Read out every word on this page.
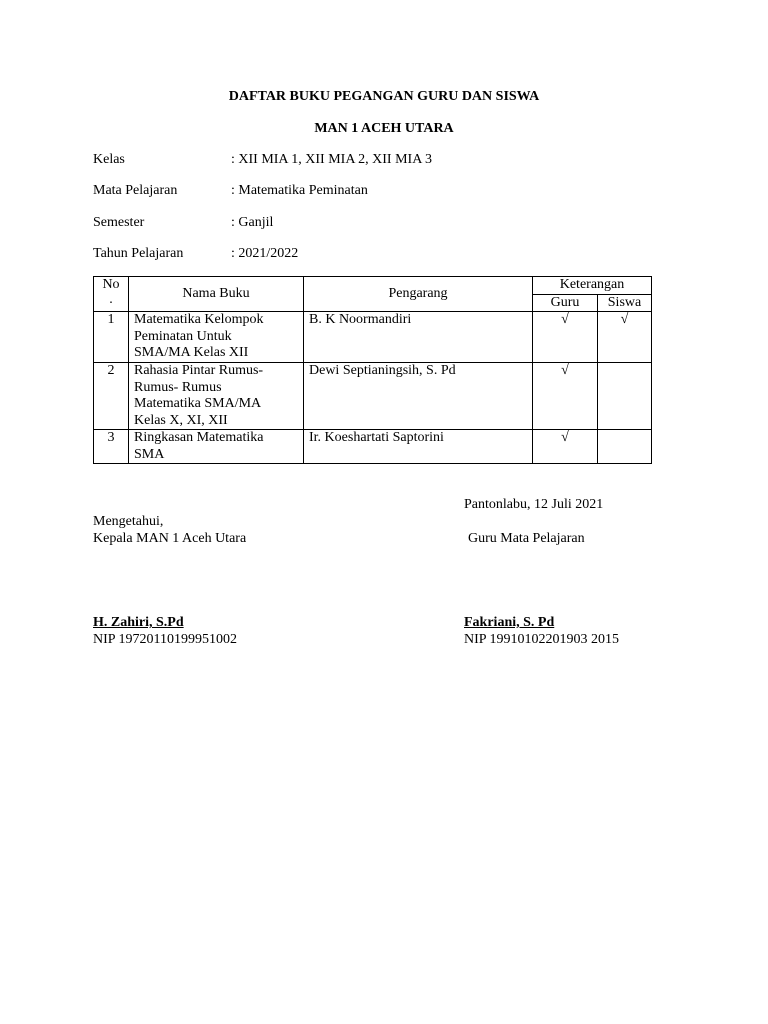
DAFTAR BUKU PEGANGAN GURU DAN SISWA
MAN 1 ACEH UTARA
Kelas	: XII MIA 1, XII MIA 2, XII MIA 3
Mata Pelajaran	: Matematika Peminatan
Semester	: Ganjil
Tahun Pelajaran	: 2021/2022
No
.	Nama Buku	Pengarang	Keterangan	
			Guru	Siswa
1	Matematika Kelompok
Peminatan Untuk
SMA/MA Kelas XII	B. K Noormandiri	√	√
2	Rahasia Pintar Rumus-
Rumus- Rumus
Matematika SMA/MA
Kelas X, XI, XII	Dewi Septianingsih, S. Pd	√	
3	Ringkasan Matematika
SMA	Ir. Koeshartati Saptorini	√	
Pantonlabu, 12 Juli 2021
Mengetahui,
Kepala MAN 1 Aceh Utara	Guru Mata Pelajaran
H. Zahiri, S.Pd
NIP 19720110199951002
Fakriani, S. Pd
NIP 19910102201903 2015
